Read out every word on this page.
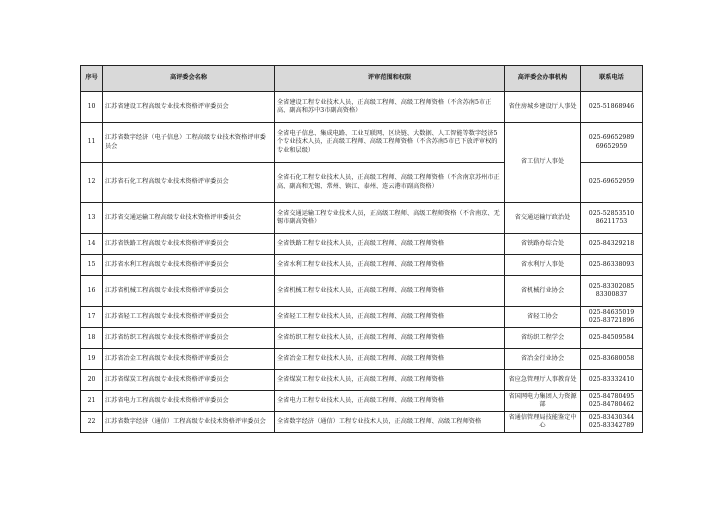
序号	高评委会名称	评审范围和权限	高评委会办事机构	联系电话
10	江苏省建设工程高级专业技术资格评审委员会	全省建设工程专业技术人员，正高级工程师、高级工程师资格（不含苏南5市正高、副高和苏中3市副高资格）	省住房城乡建设厅人事处	025-51868946
11	江苏省数字经济（电子信息）工程高级专业技术资格评审委员会	全省电子信息、集成电路、工业互联网、区块链、大数据、人工智能等数字经济5个专业技术人员，正高级工程师、高级工程师资格（不含苏南5市已下放评审权的专业和层级）	省工信厅人事处	025-69652989
69652959
12	江苏省石化工程高级专业技术资格评审委员会	全省石化工程专业技术人员，正高级工程师、高级工程师资格（不含南京苏州市正高、副高和无锡、常州、镇江、泰州、连云港市副高资格）		025-69652959
13	江苏省交通运输工程高级专业技术资格评审委员会	全省交通运输工程专业技术人员，正高级工程师、高级工程师资格（不含南京、无锡市副高资格）	省交通运输厅政治处	025-52853510
86211753
14	江苏省铁路工程高级专业技术资格评审委员会	全省铁路工程专业技术人员，正高级工程师、高级工程师资格	省铁路办综合处	025-84329218
15	江苏省水利工程高级专业技术资格评审委员会	全省水利工程专业技术人员，正高级工程师、高级工程师资格	省水利厅人事处	025-86338093
16	江苏省机械工程高级专业技术资格评审委员会	全省机械工程专业技术人员，正高级工程师、高级工程师资格	省机械行业协会	025-83302085
83300837
17	江苏省轻工工程高级专业技术资格评审委员会	全省轻工工程专业技术人员，正高级工程师、高级工程师资格	省轻工协会	025-84635019
025-83721896
18	江苏省纺织工程高级专业技术资格评审委员会	全省纺织工程专业技术人员，正高级工程师、高级工程师资格	省纺织工程学会	025-84509584
19	江苏省冶金工程高级专业技术资格评审委员会	全省冶金工程专业技术人员，正高级工程师、高级工程师资格	省冶金行业协会	025-83680058
20	江苏省煤炭工程高级专业技术资格评审委员会	全省煤炭工程专业技术人员，正高级工程师、高级工程师资格	省应急管理厅人事教育处	025-83332410
21	江苏省电力工程高级专业技术资格评审委员会	全省电力工程专业技术人员，正高级工程师、高级工程师资格	省国网电力集团人力资源部	025-84780495
025-84780462
22	江苏省数字经济（通信）工程高级专业技术资格评审委员会	全省数字经济（通信）工程专业技术人员，正高级工程师、高级工程师资格	省通信管理局技能鉴定中心	025-83430344
025-83342789
